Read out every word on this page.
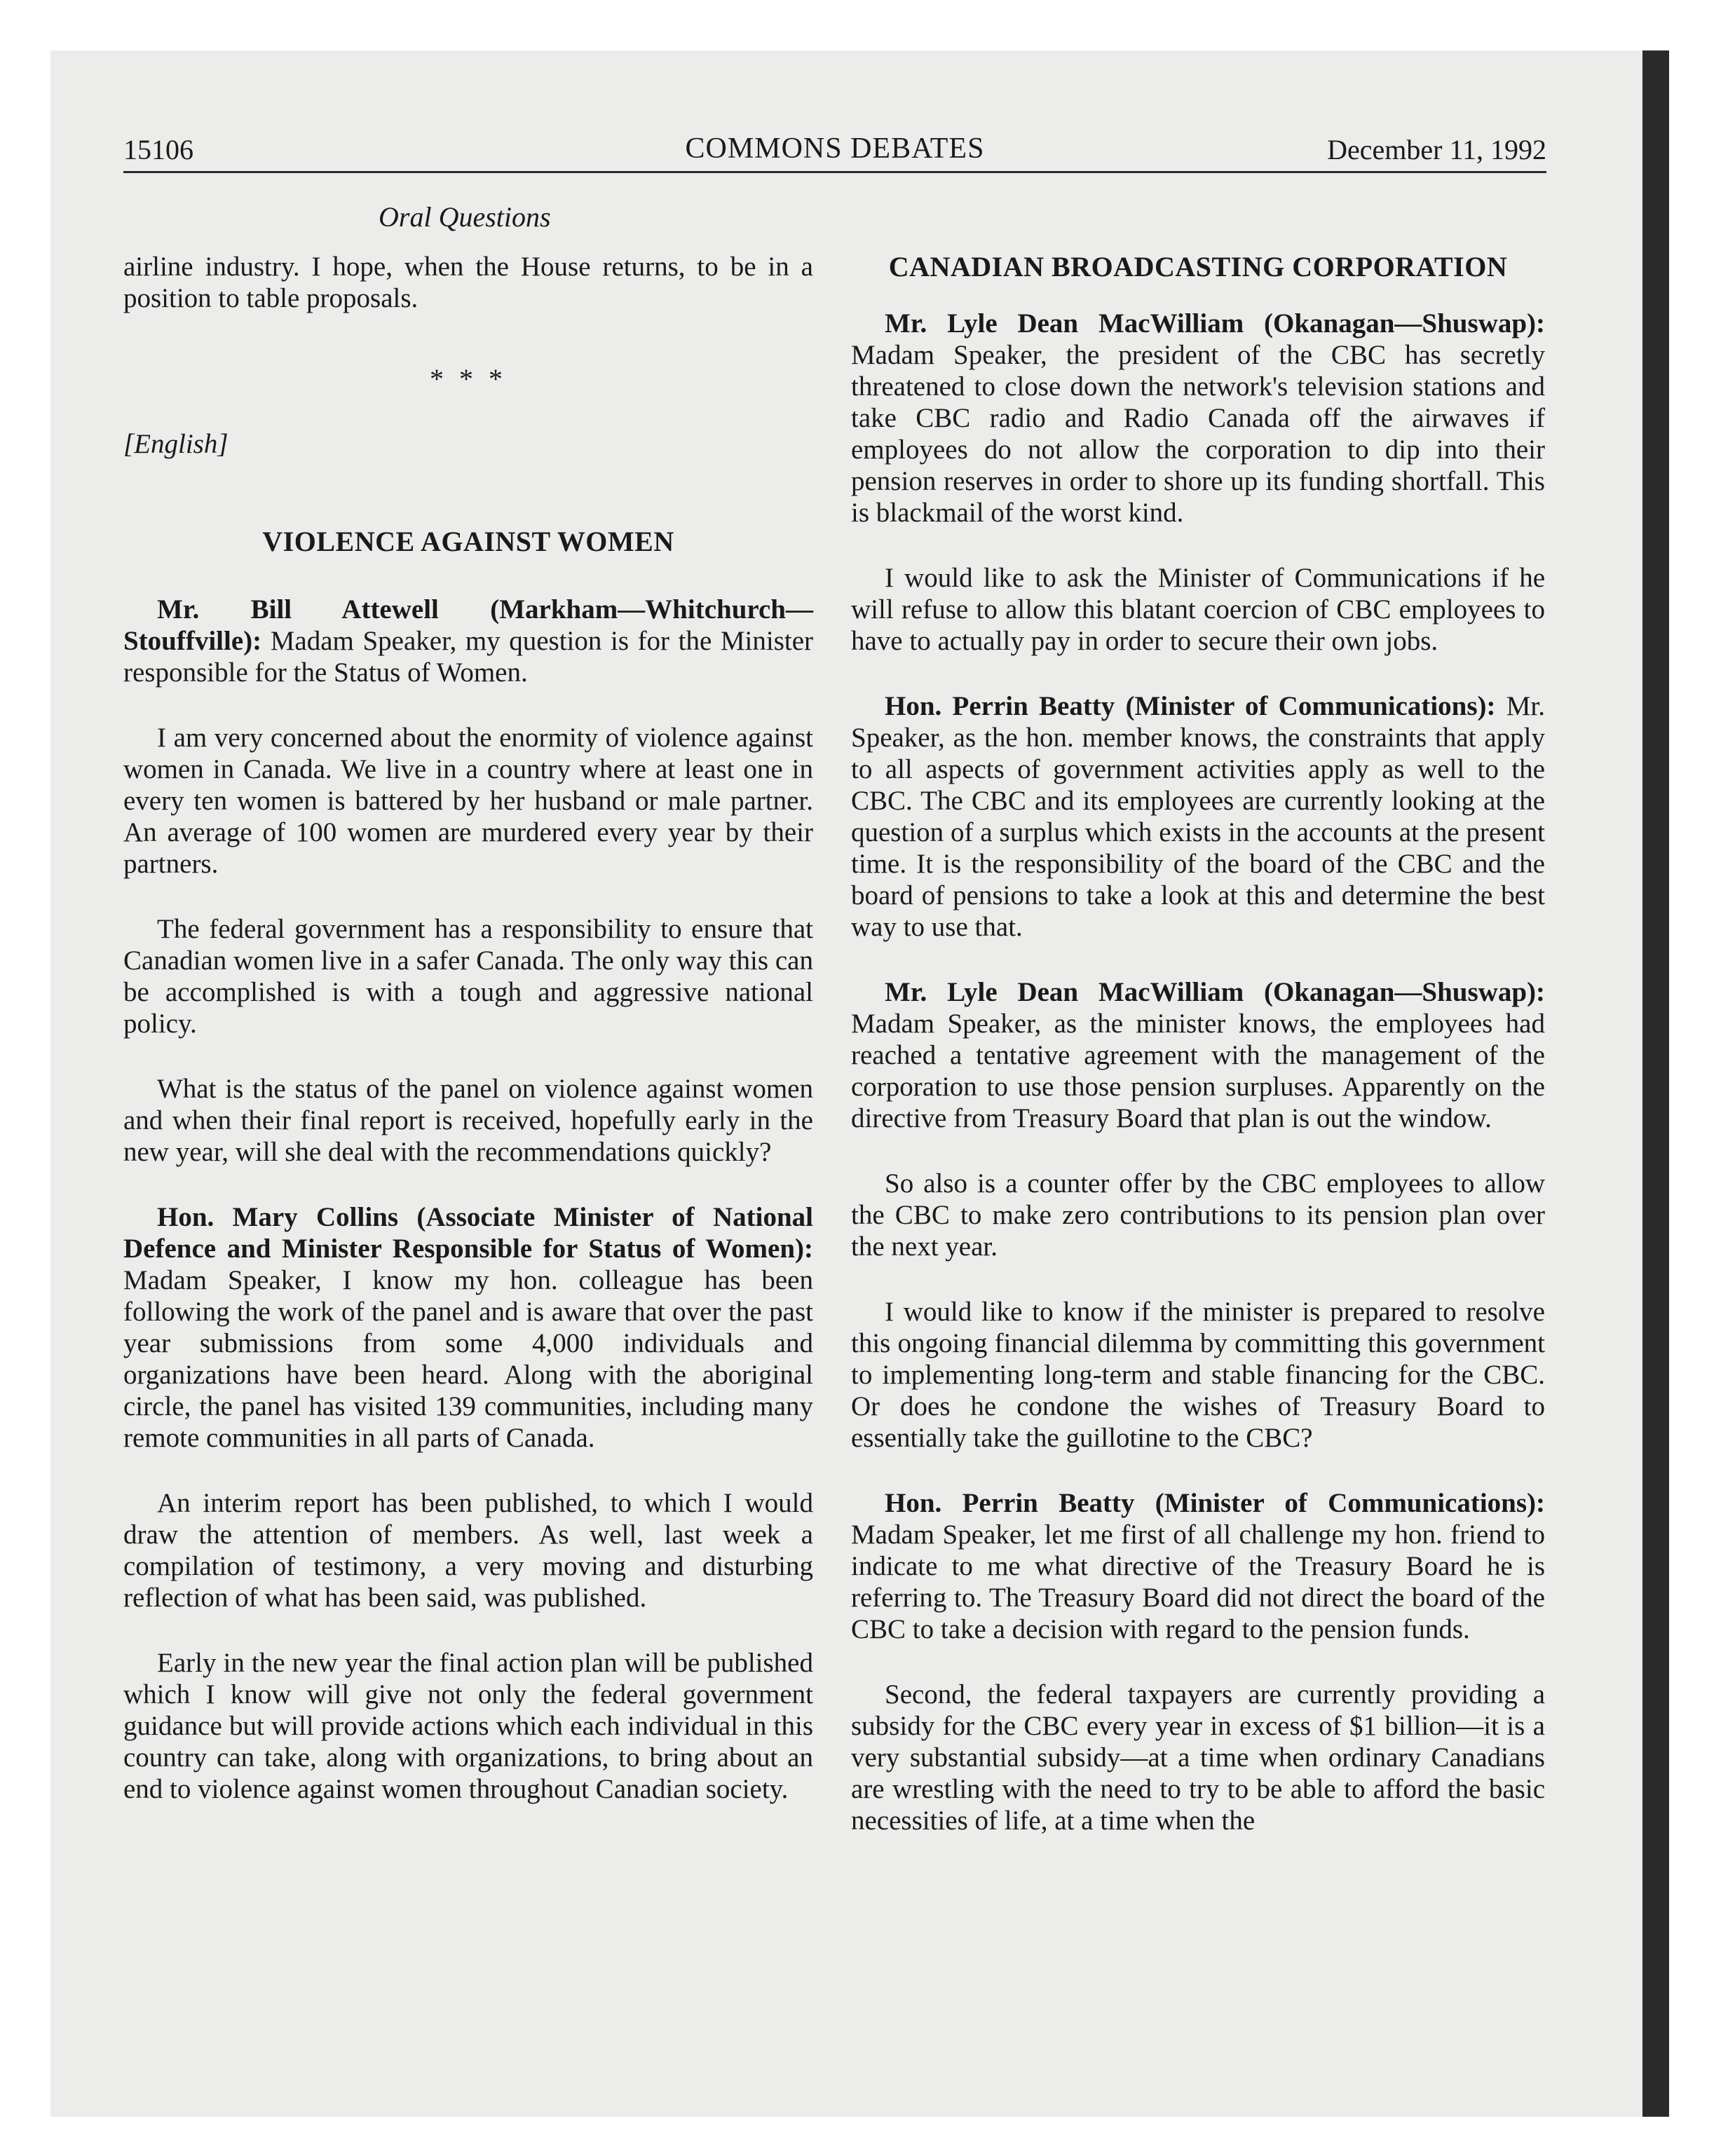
15106	COMMONS DEBATES	December 11, 1992
Oral Questions

airline industry. I hope, when the House returns, to be in a position to table proposals.

* * *
[English]
VIOLENCE AGAINST WOMEN

Mr. Bill Attewell (Markham—Whitchurch—Stouffville): Madam Speaker, my question is for the Minister responsible for the Status of Women.

I am very concerned about the enormity of violence against women in Canada. We live in a country where at least one in every ten women is battered by her husband or male partner. An average of 100 women are murdered every year by their partners.

The federal government has a responsibility to ensure that Canadian women live in a safer Canada. The only way this can be accomplished is with a tough and aggressive national policy.

What is the status of the panel on violence against women and when their final report is received, hopefully early in the new year, will she deal with the recommendations quickly?

Hon. Mary Collins (Associate Minister of National Defence and Minister Responsible for Status of Women): Madam Speaker, I know my hon. colleague has been following the work of the panel and is aware that over the past year submissions from some 4,000 individuals and organizations have been heard. Along with the aboriginal circle, the panel has visited 139 communities, including many remote communities in all parts of Canada.

An interim report has been published, to which I would draw the attention of members. As well, last week a compilation of testimony, a very moving and disturbing reflection of what has been said, was published.

Early in the new year the final action plan will be published which I know will give not only the federal government guidance but will provide actions which each individual in this country can take, along with organizations, to bring about an end to violence against women throughout Canadian society.

CANADIAN BROADCASTING CORPORATION

Mr. Lyle Dean MacWilliam (Okanagan—Shuswap): Madam Speaker, the president of the CBC has secretly threatened to close down the network's television stations and take CBC radio and Radio Canada off the airwaves if employees do not allow the corporation to dip into their pension reserves in order to shore up its funding shortfall. This is blackmail of the worst kind.

I would like to ask the Minister of Communications if he will refuse to allow this blatant coercion of CBC employees to have to actually pay in order to secure their own jobs.

Hon. Perrin Beatty (Minister of Communications): Mr. Speaker, as the hon. member knows, the constraints that apply to all aspects of government activities apply as well to the CBC. The CBC and its employees are currently looking at the question of a surplus which exists in the accounts at the present time. It is the responsibility of the board of the CBC and the board of pensions to take a look at this and determine the best way to use that.

Mr. Lyle Dean MacWilliam (Okanagan—Shuswap): Madam Speaker, as the minister knows, the employees had reached a tentative agreement with the management of the corporation to use those pension surpluses. Apparently on the directive from Treasury Board that plan is out the window.

So also is a counter offer by the CBC employees to allow the CBC to make zero contributions to its pension plan over the next year.

I would like to know if the minister is prepared to resolve this ongoing financial dilemma by committing this government to implementing long-term and stable financing for the CBC. Or does he condone the wishes of Treasury Board to essentially take the guillotine to the CBC?

Hon. Perrin Beatty (Minister of Communications): Madam Speaker, let me first of all challenge my hon. friend to indicate to me what directive of the Treasury Board he is referring to. The Treasury Board did not direct the board of the CBC to take a decision with regard to the pension funds.

Second, the federal taxpayers are currently providing a subsidy for the CBC every year in excess of $1 billion—it is a very substantial subsidy—at a time when ordinary Canadians are wrestling with the need to try to be able to afford the basic necessities of life, at a time when the
